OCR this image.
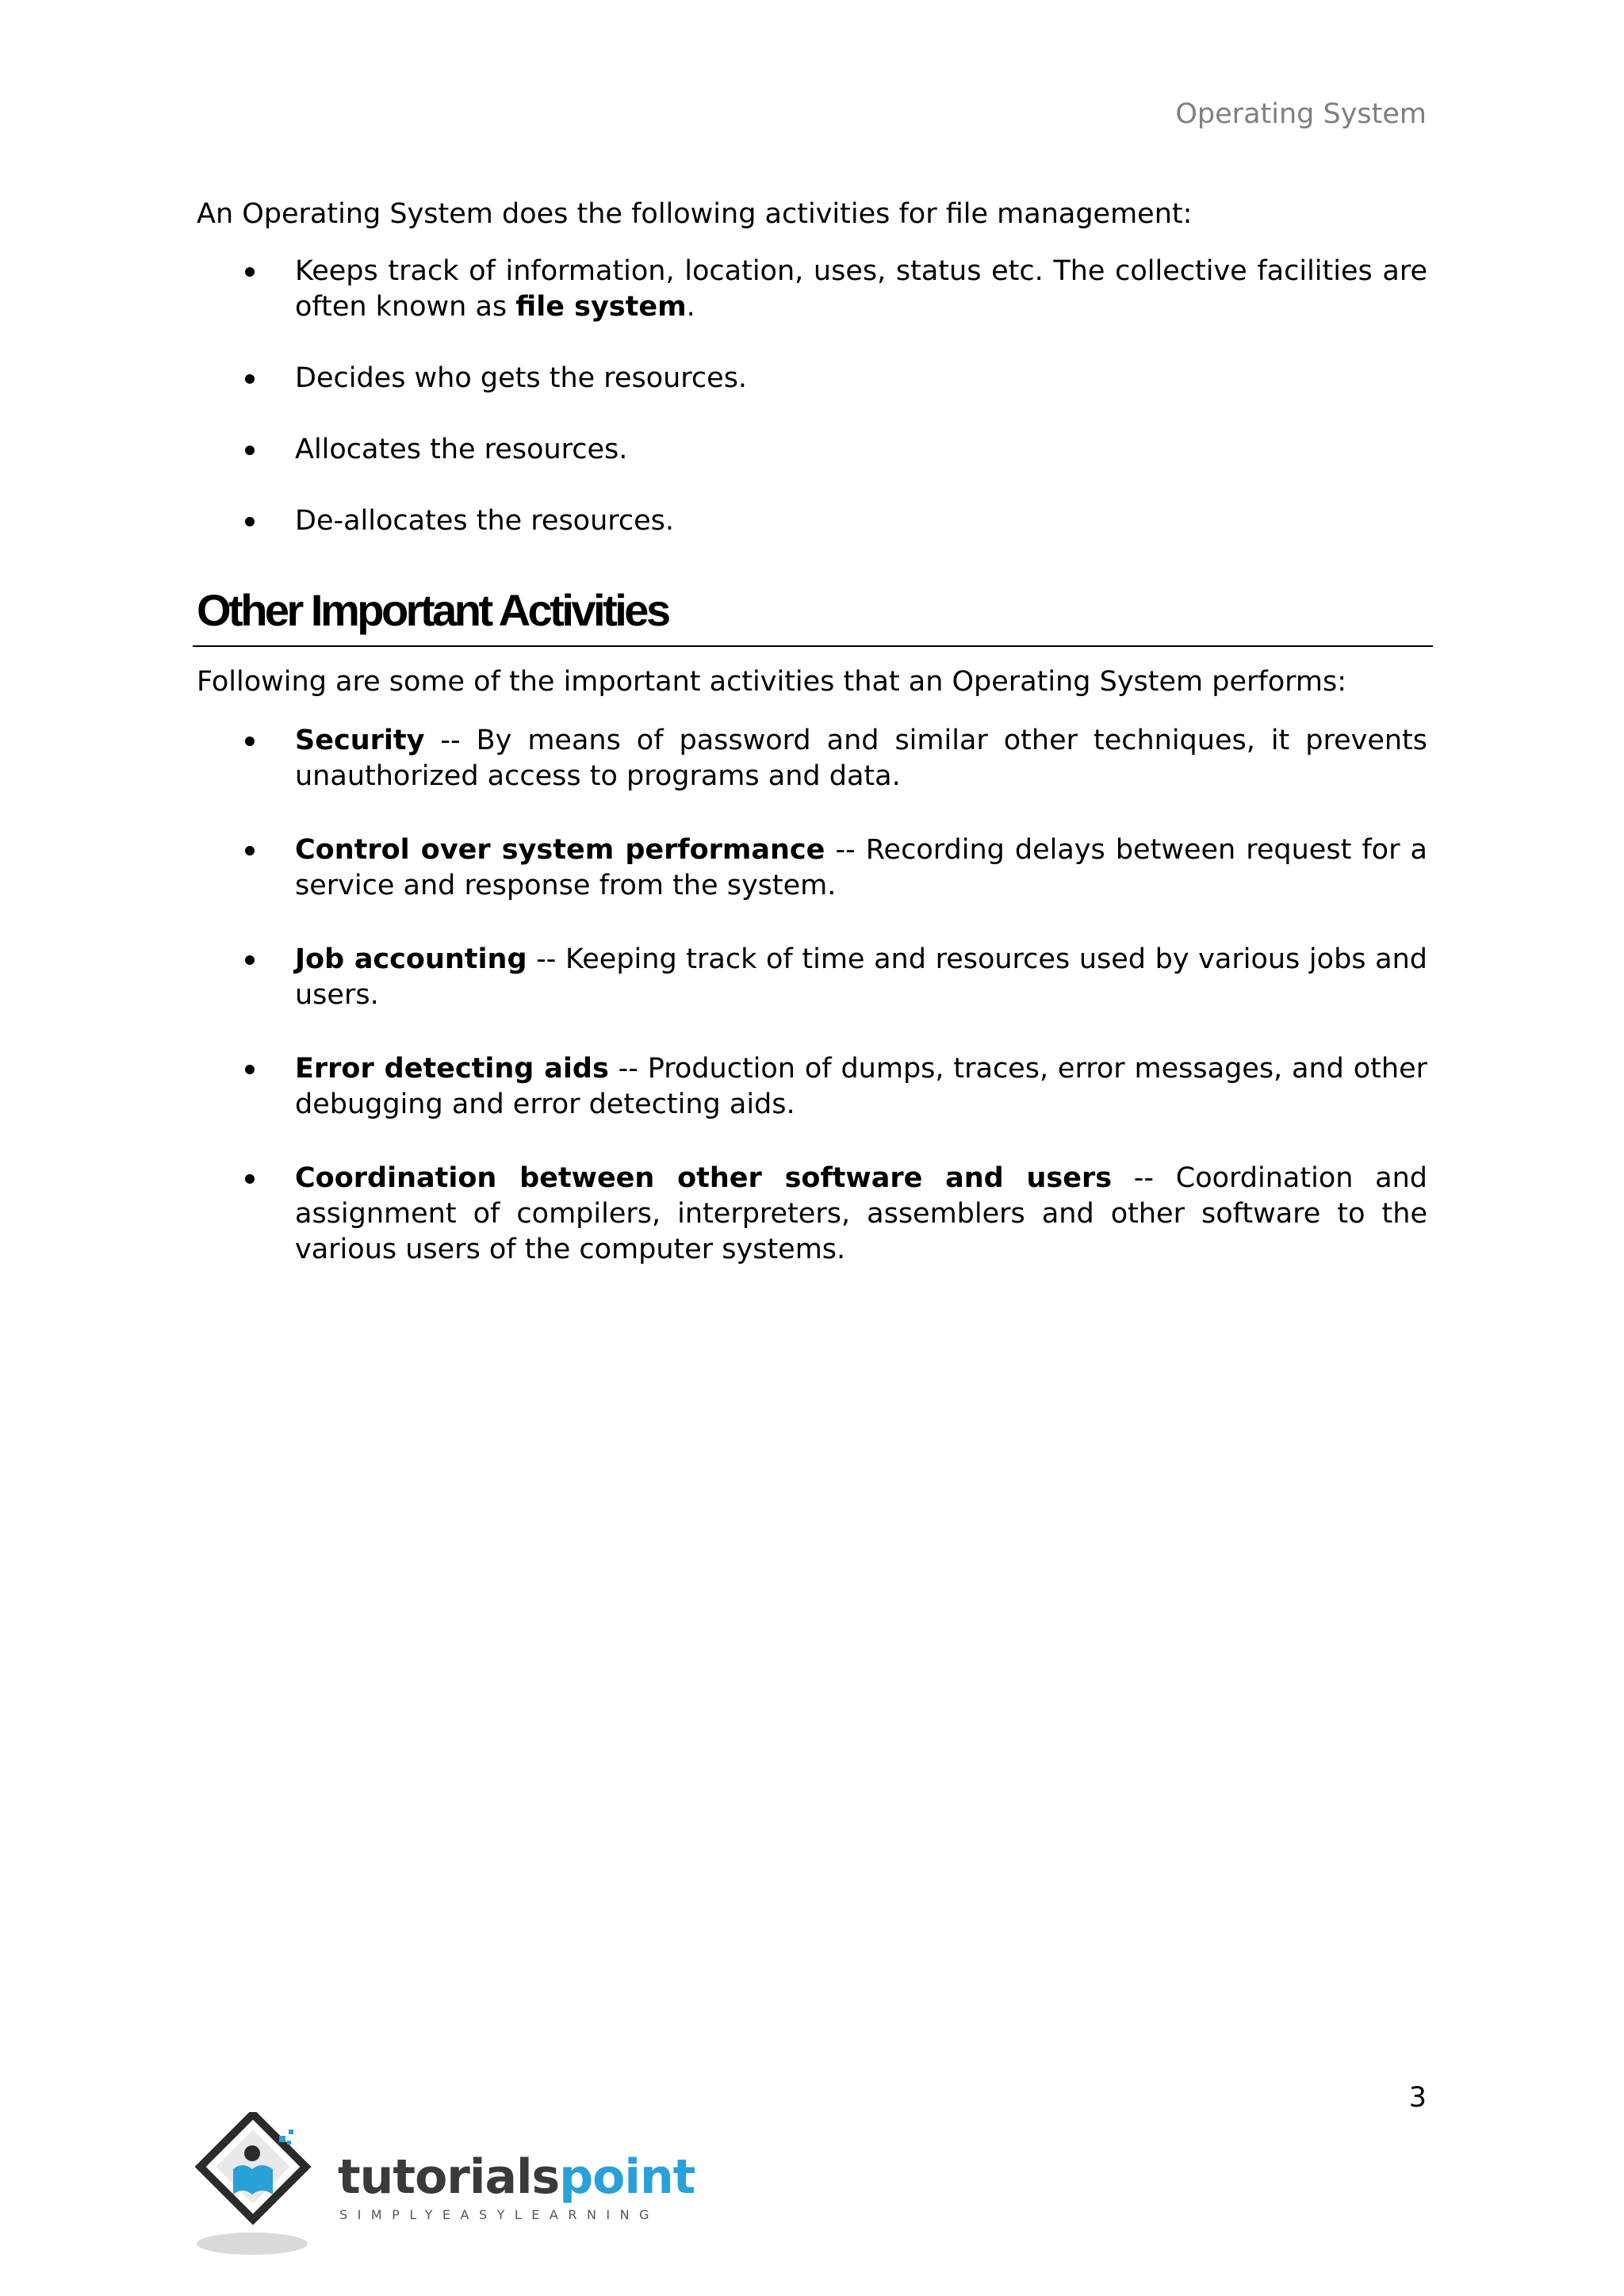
Operating System
An Operating System does the following activities for file management:
Keeps track of information, location, uses, status etc. The collective facilities are often known as file system.
Decides who gets the resources.
Allocates the resources.
De-allocates the resources.
Other Important Activities
Following are some of the important activities that an Operating System performs:
Security -- By means of password and similar other techniques, it prevents unauthorized access to programs and data.
Control over system performance -- Recording delays between request for a service and response from the system.
Job accounting -- Keeping track of time and resources used by various jobs and users.
Error detecting aids -- Production of dumps, traces, error messages, and other debugging and error detecting aids.
Coordination between other software and users -- Coordination and assignment of compilers, interpreters, assemblers and other software to the various users of the computer systems.
3
tutorialspoint
SIMPLYEASYLEARNING
